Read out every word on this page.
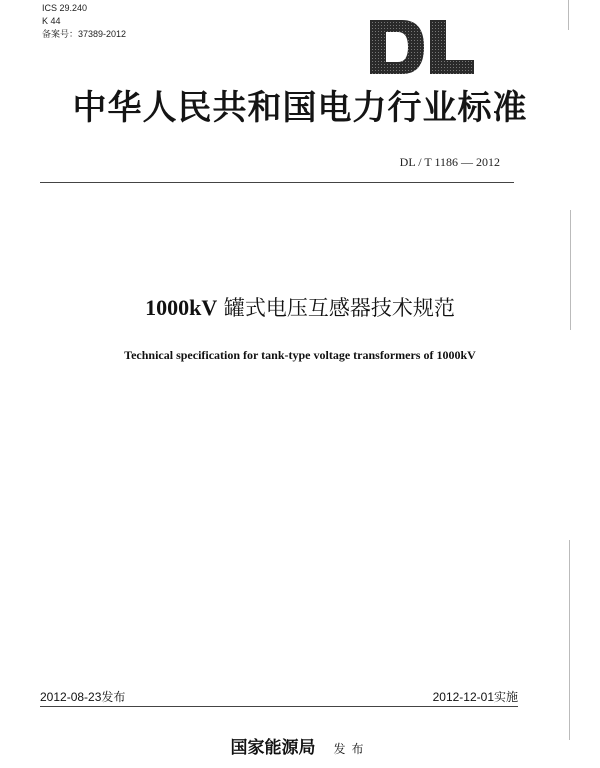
ICS 29.240
K 44
备案号：37389-2012
中华人民共和国电力行业标准
DL / T 1186 — 2012
1000kV 罐式电压互感器技术规范
Technical specification for tank-type voltage transformers of 1000kV
2012-08-23发布	2012-12-01实施
国家能源局 发布
